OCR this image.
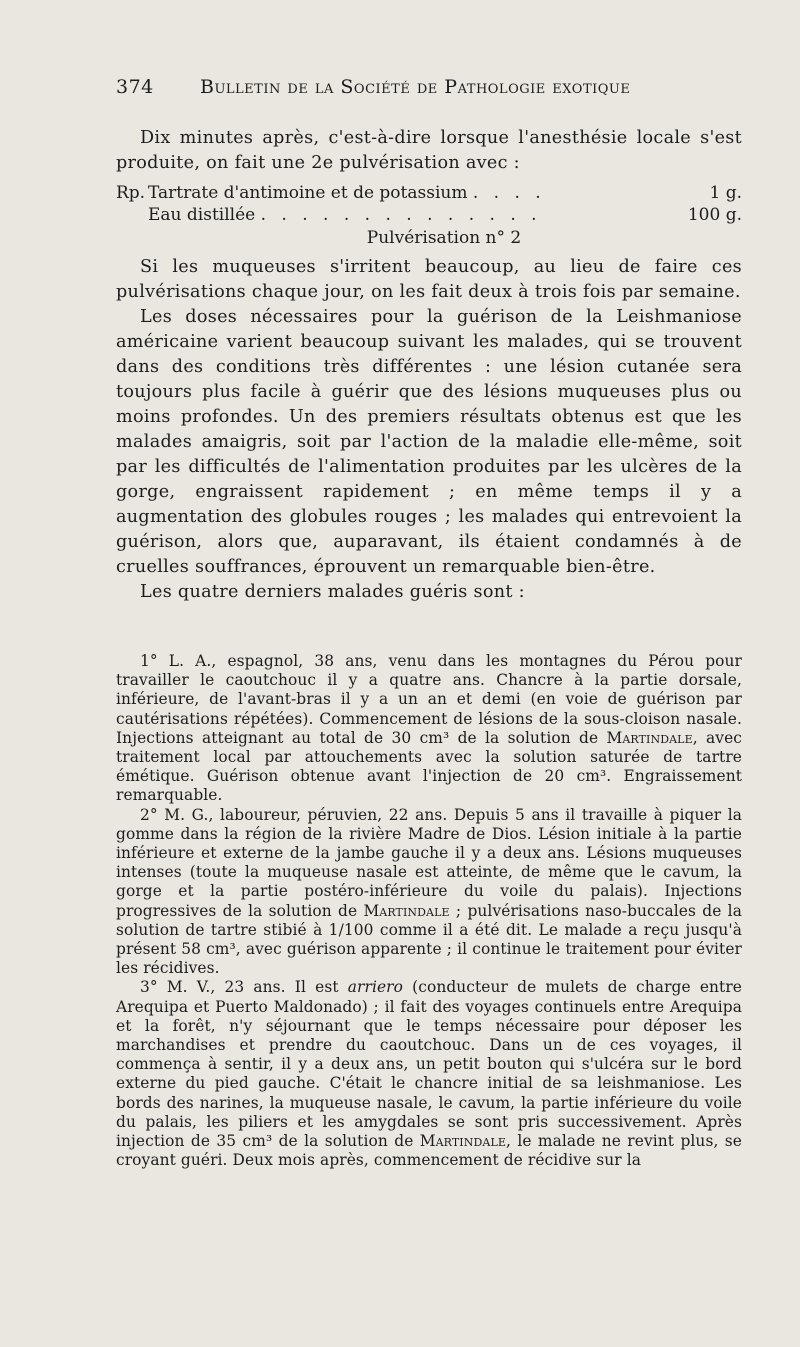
374 Bulletin de la Société de Pathologie exotique

Dix minutes après, c'est-à-dire lorsque l'anesthésie locale s'est produite, on fait une 2e pulvérisation avec :

Rp. Tartrate d'antimoine et de potassium . . . .	1 g.
Eau distillée . . . . . . . . . . . . . .	100 g.
Pulvérisation n° 2

Si les muqueuses s'irritent beaucoup, au lieu de faire ces pulvérisations chaque jour, on les fait deux à trois fois par semaine.

Les doses nécessaires pour la guérison de la Leishmaniose américaine varient beaucoup suivant les malades, qui se trouvent dans des conditions très différentes : une lésion cutanée sera toujours plus facile à guérir que des lésions muqueuses plus ou moins profondes. Un des premiers résultats obtenus est que les malades amaigris, soit par l'action de la maladie elle-même, soit par les difficultés de l'alimentation produites par les ulcères de la gorge, engraissent rapidement ; en même temps il y a augmentation des globules rouges ; les malades qui entrevoient la guérison, alors que, auparavant, ils étaient condamnés à de cruelles souffrances, éprouvent un remarquable bien-être.

Les quatre derniers malades guéris sont :

1° L. A., espagnol, 38 ans, venu dans les montagnes du Pérou pour travailler le caoutchouc il y a quatre ans. Chancre à la partie dorsale, inférieure, de l'avant-bras il y a un an et demi (en voie de guérison par cautérisations répétées). Commencement de lésions de la sous-cloison nasale. Injections atteignant au total de 30 cm³ de la solution de Martindale, avec traitement local par attouchements avec la solution saturée de tartre émétique. Guérison obtenue avant l'injection de 20 cm³. Engraissement remarquable.

2° M. G., laboureur, péruvien, 22 ans. Depuis 5 ans il travaille à piquer la gomme dans la région de la rivière Madre de Dios. Lésion initiale à la partie inférieure et externe de la jambe gauche il y a deux ans. Lésions muqueuses intenses (toute la muqueuse nasale est atteinte, de même que le cavum, la gorge et la partie postéro-inférieure du voile du palais). Injections progressives de la solution de Martindale ; pulvérisations naso-buccales de la solution de tartre stibié à 1/100 comme il a été dit. Le malade a reçu jusqu'à présent 58 cm³, avec guérison apparente ; il continue le traitement pour éviter les récidives.

3° M. V., 23 ans. Il est arriero (conducteur de mulets de charge entre Arequipa et Puerto Maldonado) ; il fait des voyages continuels entre Arequipa et la forêt, n'y séjournant que le temps nécessaire pour déposer les marchandises et prendre du caoutchouc. Dans un de ces voyages, il commença à sentir, il y a deux ans, un petit bouton qui s'ulcéra sur le bord externe du pied gauche. C'était le chancre initial de sa leishmaniose. Les bords des narines, la muqueuse nasale, le cavum, la partie inférieure du voile du palais, les piliers et les amygdales se sont pris successivement. Après injection de 35 cm³ de la solution de Martindale, le malade ne revint plus, se croyant guéri. Deux mois après, commencement de récidive sur la
